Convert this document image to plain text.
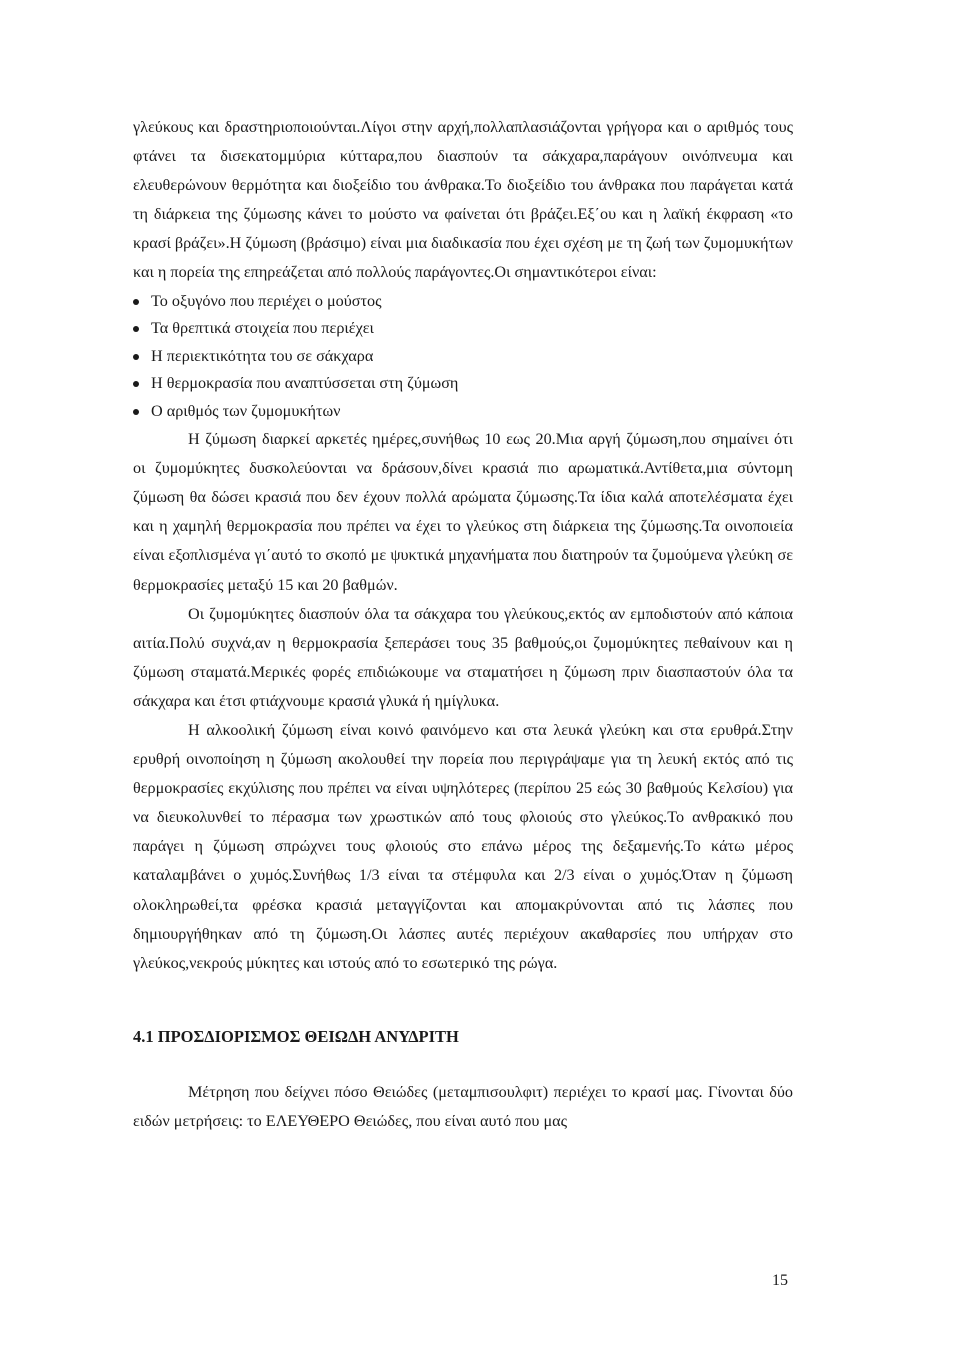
γλεύκους και δραστηριοποιούνται.Λίγοι στην αρχή,πολλαπλασιάζονται γρήγορα και ο αριθμός τους φτάνει τα δισεκατομμύρια κύτταρα,που διασπούν τα σάκχαρα,παράγουν οινόπνευμα και ελευθερώνουν θερμότητα και διοξείδιο του άνθρακα.Το διοξείδιο του άνθρακα που παράγεται κατά τη διάρκεια της ζύμωσης κάνει το μούστο να φαίνεται ότι βράζει.Εξ΄ου και η λαϊκή έκφραση «το κρασί βράζει».Η ζύμωση (βράσιμο) είναι μια διαδικασία που έχει σχέση με τη ζωή των ζυμομυκήτων και η πορεία της επηρεάζεται από πολλούς παράγοντες.Οι σημαντικότεροι είναι:

Το οξυγόνο που περιέχει ο μούστος
Τα θρεπτικά στοιχεία που περιέχει
Η περιεκτικότητα του σε σάκχαρα
Η θερμοκρασία που αναπτύσσεται στη ζύμωση
Ο αριθμός των ζυμομυκήτων

Η ζύμωση διαρκεί αρκετές ημέρες,συνήθως 10 εως 20.Μια αργή ζύμωση,που σημαίνει ότι οι ζυμομύκητες δυσκολεύονται να δράσουν,δίνει κρασιά πιο αρωματικά.Αντίθετα,μια σύντομη ζύμωση θα δώσει κρασιά που δεν έχουν πολλά αρώματα ζύμωσης.Τα ίδια καλά αποτελέσματα έχει και η χαμηλή θερμοκρασία που πρέπει να έχει το γλεύκος στη διάρκεια της ζύμωσης.Τα οινοποιεία είναι εξοπλισμένα γι΄αυτό το σκοπό με ψυκτικά μηχανήματα που διατηρούν τα ζυμούμενα γλεύκη σε θερμοκρασίες μεταξύ 15 και 20 βαθμών.

Οι ζυμομύκητες διασπούν όλα τα σάκχαρα του γλεύκους,εκτός αν εμποδιστούν από κάποια αιτία.Πολύ συχνά,αν η θερμοκρασία ξεπεράσει τους 35 βαθμούς,οι ζυμομύκητες πεθαίνουν και η ζύμωση σταματά.Μερικές φορές επιδιώκουμε να σταματήσει η ζύμωση πριν διασπαστούν όλα τα σάκχαρα και έτσι φτιάχνουμε κρασιά γλυκά ή ημίγλυκα.

Η αλκοολική ζύμωση είναι κοινό φαινόμενο και στα λευκά γλεύκη και στα ερυθρά.Στην ερυθρή οινοποίηση η ζύμωση ακολουθεί την πορεία που περιγράψαμε για τη λευκή εκτός από τις θερμοκρασίες εκχύλισης που πρέπει να είναι υψηλότερες (περίπου 25 εώς 30 βαθμούς Κελσίου) για να διευκολυνθεί το πέρασμα των χρωστικών από τους φλοιούς στο γλεύκος.Το ανθρακικό που παράγει η ζύμωση σπρώχνει τους φλοιούς στο επάνω μέρος της δεξαμενής.Το κάτω μέρος καταλαμβάνει ο χυμός.Συνήθως 1/3 είναι τα στέμφυλα και 2/3 είναι ο χυμός.Όταν η ζύμωση ολοκληρωθεί,τα φρέσκα κρασιά μεταγγίζονται και απομακρύνονται από τις λάσπες που δημιουργήθηκαν από τη ζύμωση.Οι λάσπες αυτές περιέχουν ακαθαρσίες που υπήρχαν στο γλεύκος,νεκρούς μύκητες και ιστούς από το εσωτερικό της ρώγα.

4.1 ΠΡΟΣΔΙΟΡΙΣΜΟΣ ΘΕΙΩΔΗ ΑΝΥΔΡΙΤΗ

Μέτρηση που δείχνει πόσο Θειώδες (μεταμπισουλφιτ) περιέχει το κρασί μας. Γίνονται δύο ειδών μετρήσεις: το ΕΛΕΥΘΕΡΟ Θειώδες, που είναι αυτό που μας

15
